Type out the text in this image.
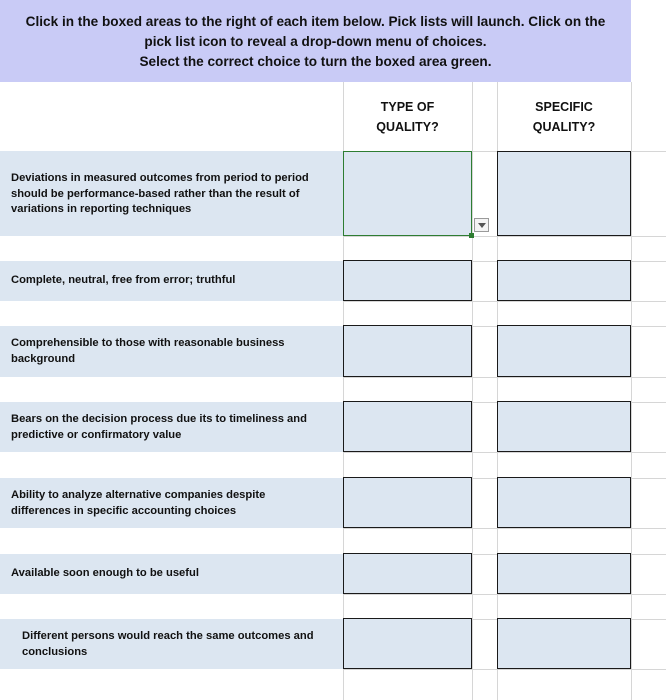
Click in the boxed areas to the right of each item below. Pick lists will launch. Click on the
pick list icon to reveal a drop-down menu of choices.
Select the correct choice to turn the boxed area green.
TYPE OF
QUALITY?
SPECIFIC
QUALITY?
Deviations in measured outcomes from period to period
should be performance-based rather than the result of
variations in reporting techniques
Complete, neutral, free from error; truthful
Comprehensible to those with reasonable business
background
Bears on the decision process due its to timeliness and
predictive or confirmatory value
Ability to analyze alternative companies despite
differences in specific accounting choices
Available soon enough to be useful
Different persons would reach the same outcomes and
conclusions
